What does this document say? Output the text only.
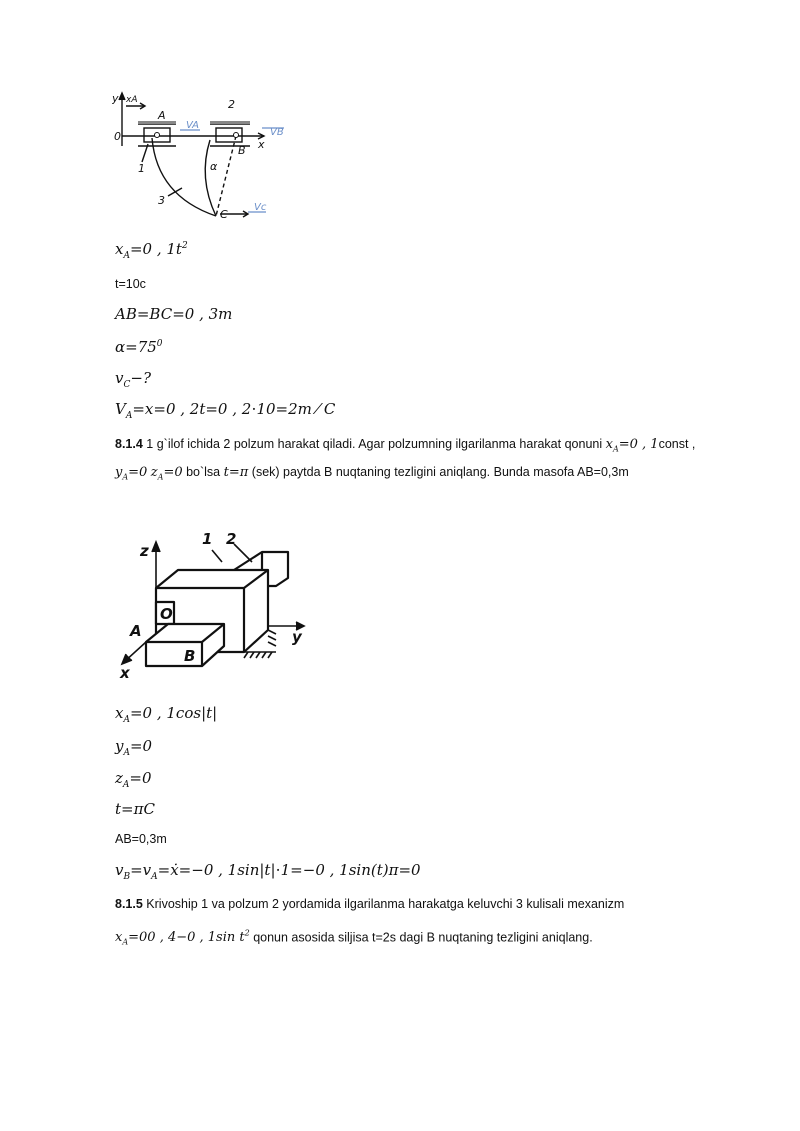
y xA
A
2
0
x
B
α
1
3
C
VA
VB
Vc
$x_A=0$ , $1t^2$
t=10c
AB=BC=0 , 3m
$\alpha=75^0$
$v_C-$?
$V_A=x=0$ , 2t=0 , 2⋅10=2m ⁄ C
8.1.4 1 g`ilof ichida 2 polzum harakat qiladi. Agar polzumning ilgarilanma harakat qonuni $x_A=0$ , 1const ,
$y_A=0$ $z_A=0$ bo`lsa t=π (sek) paytda B nuqtaning tezligini aniqlang. Bunda masofa AB=0,3m
z
1 2
O
A
B
y
x
$x_A=0$ , 1cos|t|
$y_A=0$
$z_A=0$
t=πC
AB=0,3m
$v_B=v_A=ẋ=-0$ , 1sin|t|⋅1=−0 , 1sin(t)π=0
8.1.5 Krivoship 1 va polzum 2 yordamida ilgarilanma harakatga keluvchi 3 kulisali mexanizm
$x_A=00$ , 4−0 , 1sin $t^2$ qonun asosida siljisa t=2s dagi B nuqtaning tezligini aniqlang.
